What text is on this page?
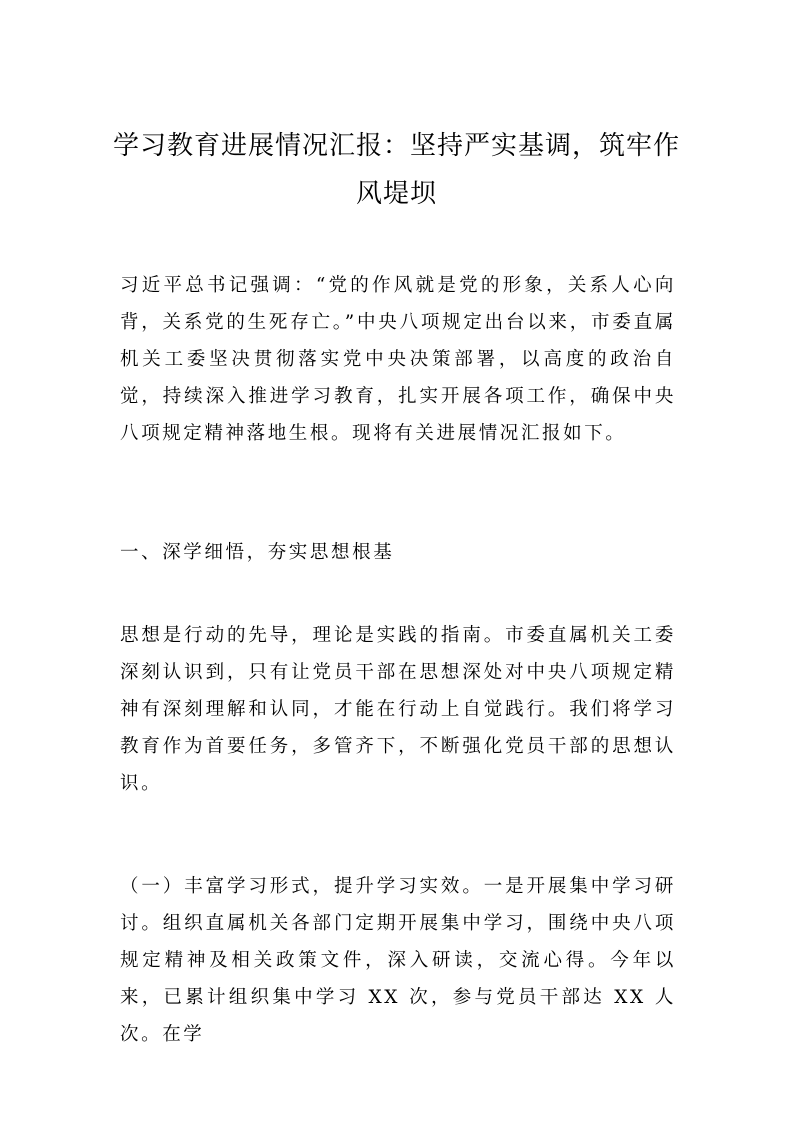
学习教育进展情况汇报：坚持严实基调，筑牢作风堤坝

习近平总书记强调：“党的作风就是党的形象，关系人心向背，关系党的生死存亡。”中央八项规定出台以来，市委直属机关工委坚决贯彻落实党中央决策部署，以高度的政治自觉，持续深入推进学习教育，扎实开展各项工作，确保中央八项规定精神落地生根。现将有关进展情况汇报如下。

一、深学细悟，夯实思想根基

思想是行动的先导，理论是实践的指南。市委直属机关工委深刻认识到，只有让党员干部在思想深处对中央八项规定精神有深刻理解和认同，才能在行动上自觉践行。我们将学习教育作为首要任务，多管齐下，不断强化党员干部的思想认识。

（一）丰富学习形式，提升学习实效。一是开展集中学习研讨。组织直属机关各部门定期开展集中学习，围绕中央八项规定精神及相关政策文件，深入研读，交流心得。今年以来，已累计组织集中学习 XX 次，参与党员干部达 XX 人次。在学
